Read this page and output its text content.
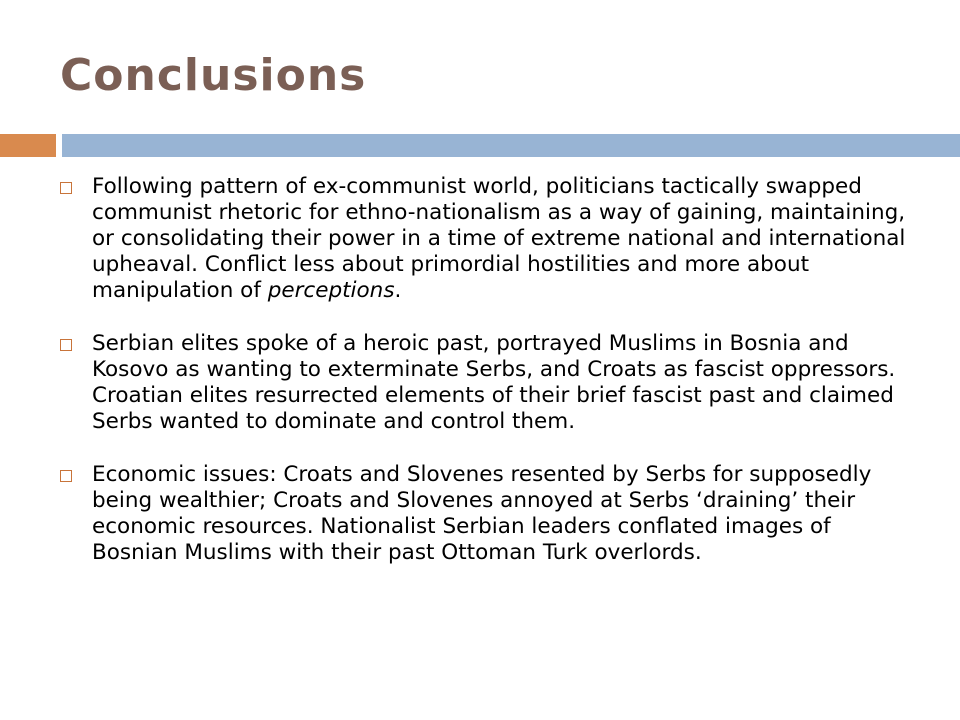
Conclusions
Following pattern of ex-communist world, politicians tactically swapped communist rhetoric for ethno-nationalism as a way of gaining, maintaining, or consolidating their power in a time of extreme national and international upheaval. Conflict less about primordial hostilities and more about manipulation of perceptions.
Serbian elites spoke of a heroic past, portrayed Muslims in Bosnia and Kosovo as wanting to exterminate Serbs, and Croats as fascist oppressors. Croatian elites resurrected elements of their brief fascist past and claimed Serbs wanted to dominate and control them.
Economic issues: Croats and Slovenes resented by Serbs for supposedly being wealthier; Croats and Slovenes annoyed at Serbs ‘draining’ their economic resources. Nationalist Serbian leaders conflated images of Bosnian Muslims with their past Ottoman Turk overlords.
